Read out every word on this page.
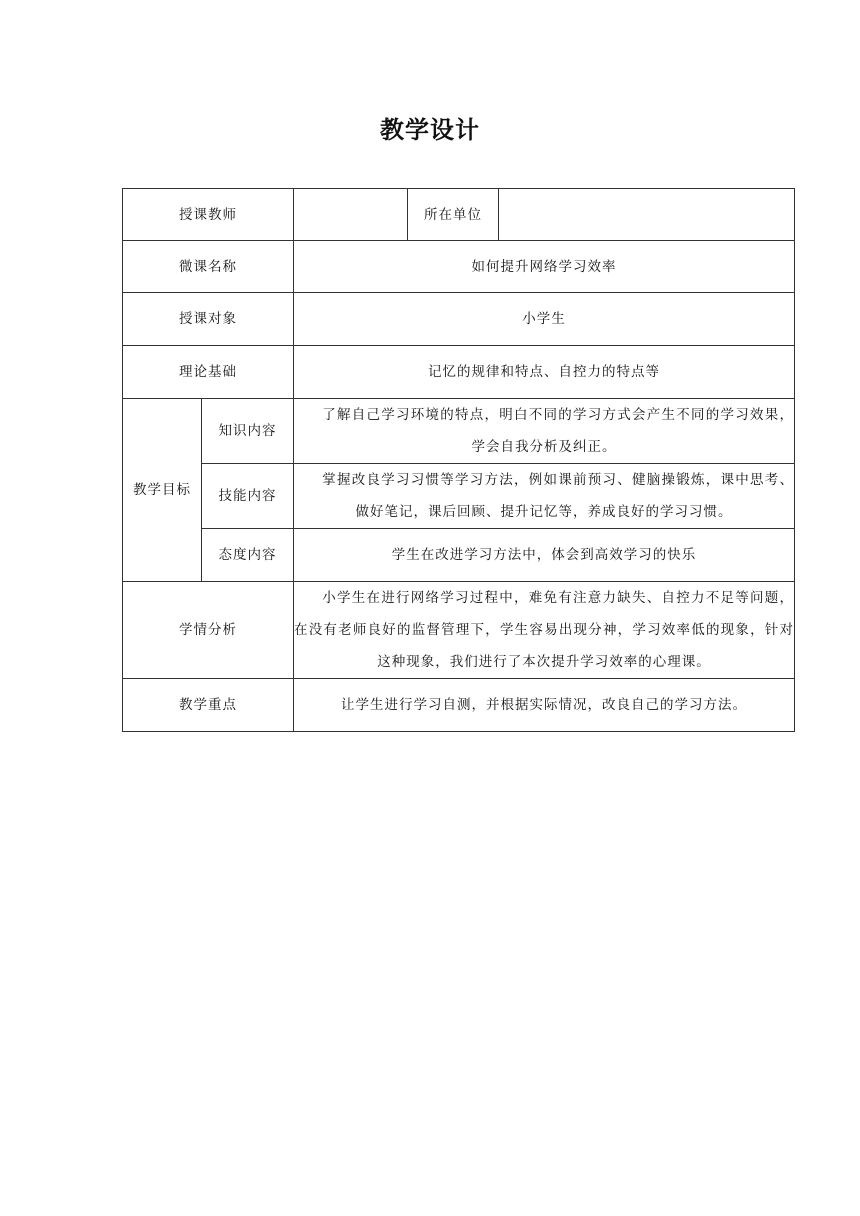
教学设计
授课教师			所在单位	
微课名称		如何提升网络学习效率		
授课对象		小学生		
理论基础		记忆的规律和特点、自控力的特点等		
教学目标	知识内容	了解自己学习环境的特点，明白不同的学习方式会产生不同的学习效果，学会自我分析及纠正。		
	技能内容	掌握改良学习习惯等学习方法，例如课前预习、健脑操锻炼，课中思考、做好笔记，课后回顾、提升记忆等，养成良好的学习习惯。		
	态度内容	学生在改进学习方法中，体会到高效学习的快乐		
学情分析		小学生在进行网络学习过程中，难免有注意力缺失、自控力不足等问题，在没有老师良好的监督管理下，学生容易出现分神，学习效率低的现象，针对这种现象，我们进行了本次提升学习效率的心理课。		
教学重点		让学生进行学习自测，并根据实际情况，改良自己的学习方法。		
